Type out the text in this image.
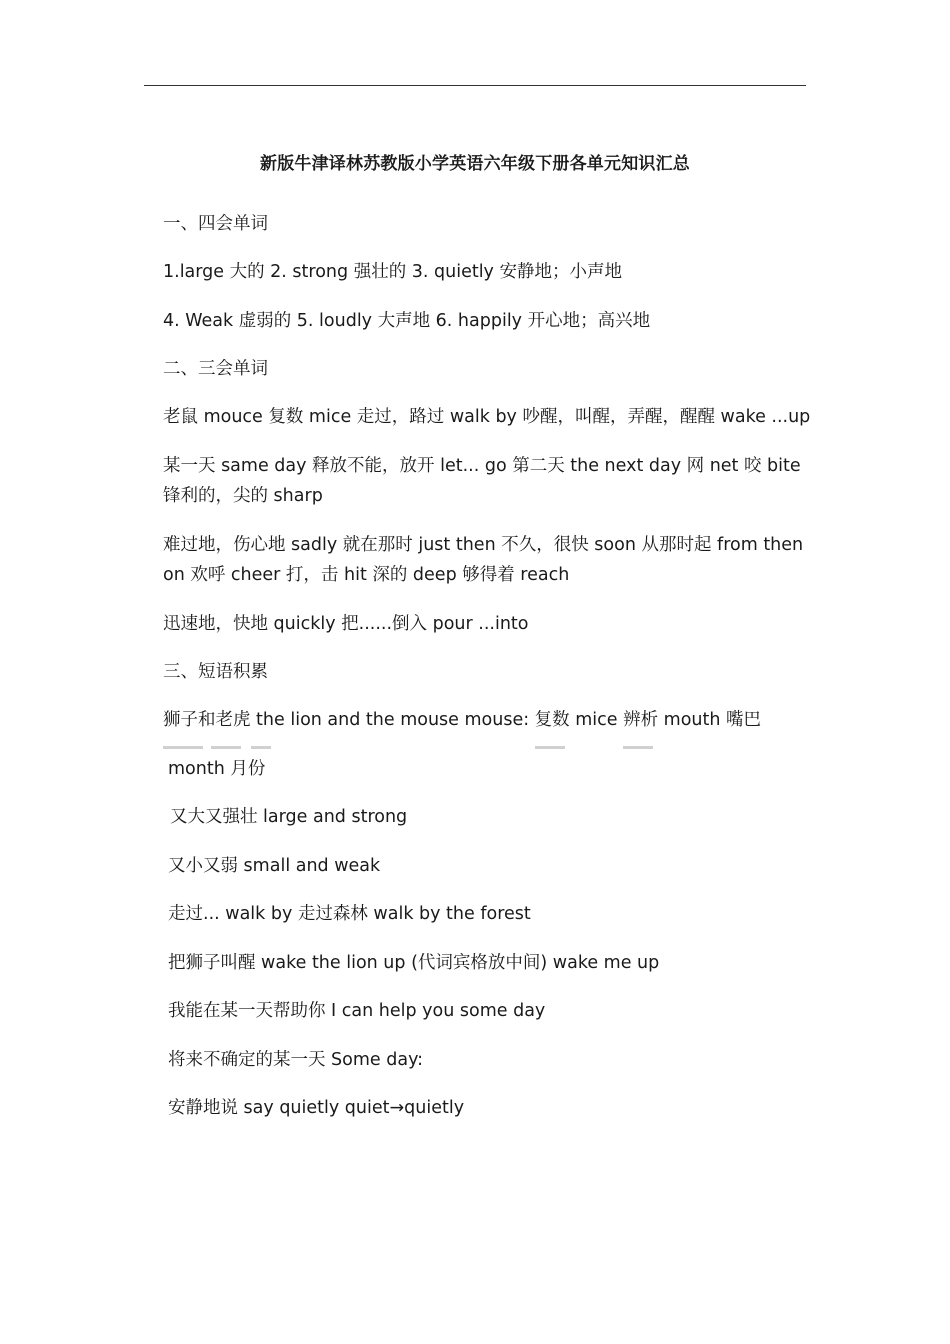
新版牛津译林苏教版小学英语六年级下册各单元知识汇总
一、四会单词
1.large 大的 2. strong 强壮的 3. quietly 安静地；小声地
4. Weak 虚弱的 5. loudly 大声地 6. happily 开心地；高兴地
二、三会单词
老鼠 mouce 复数 mice 走过，路过 walk by 吵醒，叫醒，弄醒，醒醒 wake ...up
某一天 same day 释放不能，放开 let... go 第二天 the next day 网 net 咬 bite 锋利的，尖的 sharp
难过地，伤心地 sadly 就在那时 just then 不久，很快 soon 从那时起 from then on 欢呼 cheer 打，击 hit 深的 deep 够得着 reach
迅速地，快地 quickly 把......倒入 pour ...into
三、短语积累
狮子和老虎 the lion and the mouse mouse: 复数 mice 辨析 mouth 嘴巴
month 月份
又大又强壮 large and strong
又小又弱 small and weak
走过... walk by 走过森林 walk by the forest
把狮子叫醒 wake the lion up (代词宾格放中间) wake me up
我能在某一天帮助你 I can help you some day
将来不确定的某一天 Some day:
安静地说 say quietly quiet→quietly
